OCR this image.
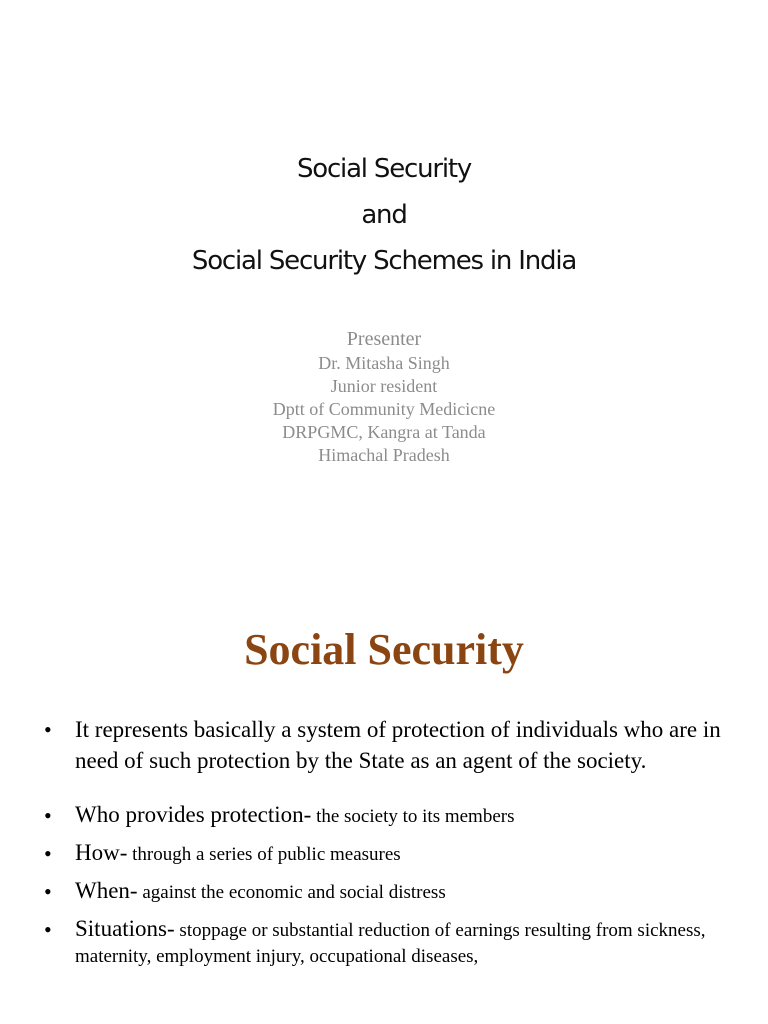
Social Security
and
Social Security Schemes in India
Presenter
Dr. Mitasha Singh
Junior resident
Dptt of Community Medicicne
DRPGMC, Kangra at Tanda
Himachal Pradesh
Social Security
• It represents basically a system of protection of individuals who are in need of such protection by the State as an agent of the society.
• Who provides protection- the society to its members
• How- through a series of public measures
• When- against the economic and social distress
• Situations- stoppage or substantial reduction of earnings resulting from sickness, maternity, employment injury, occupational diseases,
